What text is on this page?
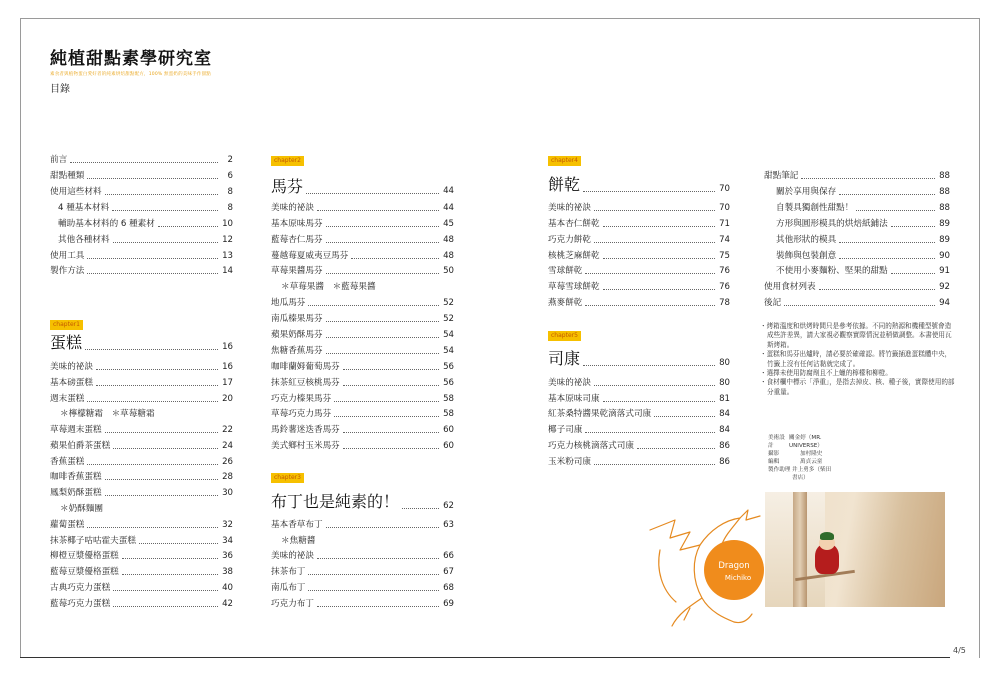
純植甜點素學研究室
素食者與植物蛋白愛好者的純素烘焙甜點配方，100% 無蛋奶的美味手作甜點
目錄
前言	2
甜點種類	6
使用這些材料	8
4 種基本材料	8
輔助基本材料的 6 種素材	10
其他各種材料	12
使用工具	13
製作方法	14
chapter1
蛋糕	16
美味的祕訣	16
基本磅蛋糕	17
週末蛋糕	20
＊檸檬糖霜　＊草莓糖霜
草莓週末蛋糕	22
蘋果伯爵茶蛋糕	24
香蕉蛋糕	26
咖啡香蕉蛋糕	28
鳳梨奶酥蛋糕	30
＊奶酥麵團
蘿蔔蛋糕	32
抹茶椰子咕咕霍夫蛋糕	34
柳橙豆漿優格蛋糕	36
藍莓豆漿優格蛋糕	38
古典巧克力蛋糕	40
藍莓巧克力蛋糕	42
chapter2
馬芬	44
美味的祕訣	44
基本原味馬芬	45
藍莓杏仁馬芬	48
蔓越莓夏威夷豆馬芬	48
草莓果醬馬芬	50
＊草莓果醬　＊藍莓果醬
地瓜馬芬	52
南瓜榛果馬芬	52
蘋果奶酥馬芬	54
焦糖香蕉馬芬	54
咖啡蘭姆葡萄馬芬	56
抹茶紅豆核桃馬芬	56
巧克力榛果馬芬	58
草莓巧克力馬芬	58
馬鈴薯迷迭香馬芬	60
美式鄉村玉米馬芬	60
chapter3
布丁也是純素的！	62
基本香草布丁	63
＊焦糖醬
美味的祕訣	66
抹茶布丁	67
南瓜布丁	68
巧克力布丁	69
chapter4
餅乾	70
美味的祕訣	70
基本杏仁餅乾	71
巧克力餅乾	74
核桃芝麻餅乾	75
雪球餅乾	76
草莓雪球餅乾	76
燕麥餅乾	78
chapter5
司康	80
美味的祕訣	80
基本原味司康	81
紅茶桑特醬果乾滴落式司康	84
椰子司康	84
巧克力核桃滴落式司康	86
玉米粉司康	86
甜點筆記	88
關於享用與保存	88
自製具獨創性甜點！	88
方形與圓形模具的烘焙紙鋪法	89
其他形狀的模具	89
裝飾與包裝創意	90
不使用小麥麵粉、堅果的甜點	91
使用食材列表	92
後記	94
・烤箱溫度和烘烤時間只是參考依據。不同的熱源和機種型號會造成些許差異，請大家視必觀察實際情況並稍做調整。本書使用瓦斯烤箱。
・蛋糕和馬芬出爐時，請必要於確確認。將竹籤插進蛋糕體中央，竹籤上沒有任何沾黏就完成了。
・選擇未使用防腐劑且不上蠟的檸檬和柳橙。
・食材欄中標示「淨重」，是指去掉皮、核、種子後，實際使用的部分重量。
美術設計
關金婷（MR. UNIVERSE）
攝影	加村隆史
編輯	萬貞云童
製作助理 井上勇多（柴田書店）
Dragon
Michiko
4/5
